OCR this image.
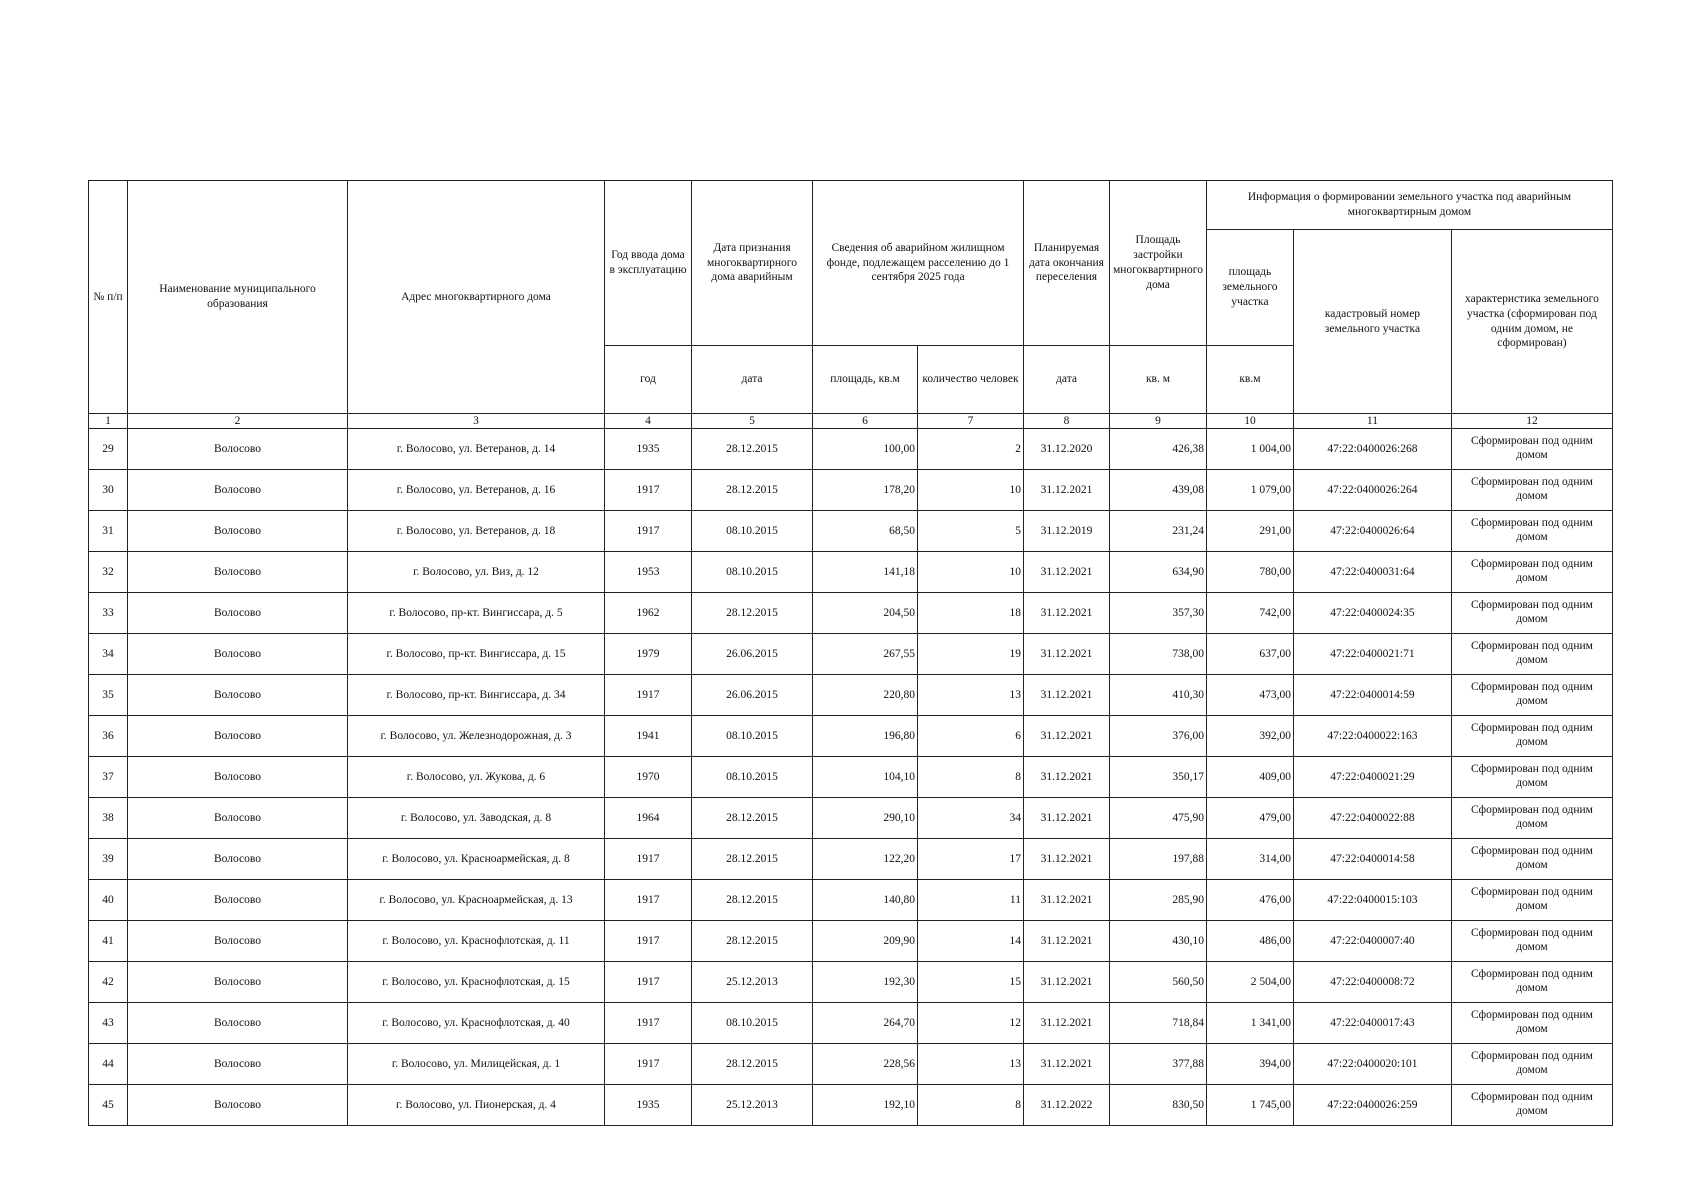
№ п/п	Наименование муниципального образования	Адрес многоквартирного дома	Год ввода дома в эксплуатацию	Дата признания многоквартирного дома аварийным	Сведения об аварийном жилищном фонде, подлежащем расселению до 1 сентября 2025 года		Планируемая дата окончания переселения	Площадь застройки многоквартирного дома	Информация о формировании земельного участка под аварийным многоквартирным домом		
									площадь земельного участка	кадастровый номер земельного участка	характеристика земельного участка (сформирован под одним домом, не сформирован)
			год	дата	площадь, кв.м	количество человек	дата	кв. м	кв.м		
1	2	3	4	5	6	7	8	9	10	11	12
29	Волосово	г. Волосово, ул. Ветеранов, д. 14	1935	28.12.2015	100,00	2	31.12.2020	426,38	1 004,00	47:22:0400026:268	Сформирован под одним домом
30	Волосово	г. Волосово, ул. Ветеранов, д. 16	1917	28.12.2015	178,20	10	31.12.2021	439,08	1 079,00	47:22:0400026:264	Сформирован под одним домом
31	Волосово	г. Волосово, ул. Ветеранов, д. 18	1917	08.10.2015	68,50	5	31.12.2019	231,24	291,00	47:22:0400026:64	Сформирован под одним домом
32	Волосово	г. Волосово, ул. Виз, д. 12	1953	08.10.2015	141,18	10	31.12.2021	634,90	780,00	47:22:0400031:64	Сформирован под одним домом
33	Волосово	г. Волосово, пр-кт. Вингиссара, д. 5	1962	28.12.2015	204,50	18	31.12.2021	357,30	742,00	47:22:0400024:35	Сформирован под одним домом
34	Волосово	г. Волосово, пр-кт. Вингиссара, д. 15	1979	26.06.2015	267,55	19	31.12.2021	738,00	637,00	47:22:0400021:71	Сформирован под одним домом
35	Волосово	г. Волосово, пр-кт. Вингиссара, д. 34	1917	26.06.2015	220,80	13	31.12.2021	410,30	473,00	47:22:0400014:59	Сформирован под одним домом
36	Волосово	г. Волосово, ул. Железнодорожная, д. 3	1941	08.10.2015	196,80	6	31.12.2021	376,00	392,00	47:22:0400022:163	Сформирован под одним домом
37	Волосово	г. Волосово, ул. Жукова, д. 6	1970	08.10.2015	104,10	8	31.12.2021	350,17	409,00	47:22:0400021:29	Сформирован под одним домом
38	Волосово	г. Волосово, ул. Заводская, д. 8	1964	28.12.2015	290,10	34	31.12.2021	475,90	479,00	47:22:0400022:88	Сформирован под одним домом
39	Волосово	г. Волосово, ул. Красноармейская, д. 8	1917	28.12.2015	122,20	17	31.12.2021	197,88	314,00	47:22:0400014:58	Сформирован под одним домом
40	Волосово	г. Волосово, ул. Красноармейская, д. 13	1917	28.12.2015	140,80	11	31.12.2021	285,90	476,00	47:22:0400015:103	Сформирован под одним домом
41	Волосово	г. Волосово, ул. Краснофлотская, д. 11	1917	28.12.2015	209,90	14	31.12.2021	430,10	486,00	47:22:0400007:40	Сформирован под одним домом
42	Волосово	г. Волосово, ул. Краснофлотская, д. 15	1917	25.12.2013	192,30	15	31.12.2021	560,50	2 504,00	47:22:0400008:72	Сформирован под одним домом
43	Волосово	г. Волосово, ул. Краснофлотская, д. 40	1917	08.10.2015	264,70	12	31.12.2021	718,84	1 341,00	47:22:0400017:43	Сформирован под одним домом
44	Волосово	г. Волосово, ул. Милицейская, д. 1	1917	28.12.2015	228,56	13	31.12.2021	377,88	394,00	47:22:0400020:101	Сформирован под одним домом
45	Волосово	г. Волосово, ул. Пионерская, д. 4	1935	25.12.2013	192,10	8	31.12.2022	830,50	1 745,00	47:22:0400026:259	Сформирован под одним домом
